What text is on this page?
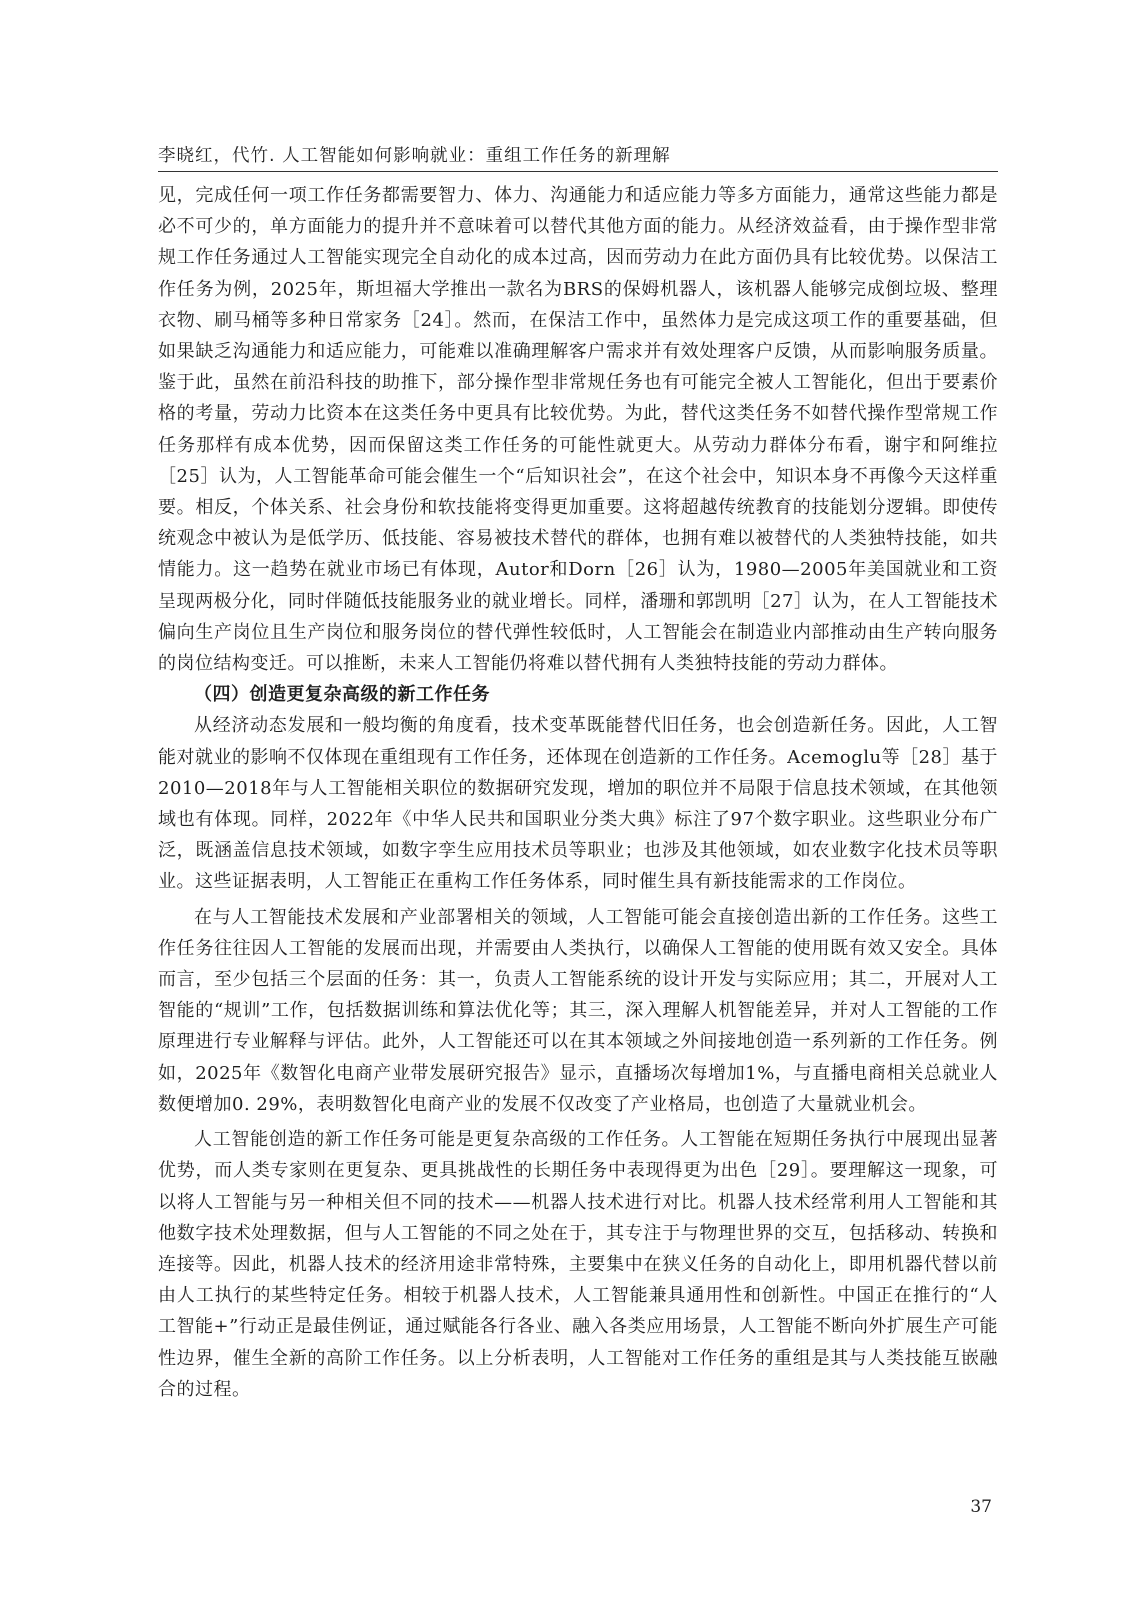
李晓红，代竹. 人工智能如何影响就业：重组工作任务的新理解

见，完成任何一项工作任务都需要智力、体力、沟通能力和适应能力等多方面能力，通常这些能力都是必不可少的，单方面能力的提升并不意味着可以替代其他方面的能力。从经济效益看，由于操作型非常规工作任务通过人工智能实现完全自动化的成本过高，因而劳动力在此方面仍具有比较优势。以保洁工作任务为例，2025年，斯坦福大学推出一款名为BRS的保姆机器人，该机器人能够完成倒垃圾、整理衣物、刷马桶等多种日常家务［24］。然而，在保洁工作中，虽然体力是完成这项工作的重要基础，但如果缺乏沟通能力和适应能力，可能难以准确理解客户需求并有效处理客户反馈，从而影响服务质量。鉴于此，虽然在前沿科技的助推下，部分操作型非常规任务也有可能完全被人工智能化，但出于要素价格的考量，劳动力比资本在这类任务中更具有比较优势。为此，替代这类任务不如替代操作型常规工作任务那样有成本优势，因而保留这类工作任务的可能性就更大。从劳动力群体分布看，谢宇和阿维拉［25］认为，人工智能革命可能会催生一个“后知识社会”，在这个社会中，知识本身不再像今天这样重要。相反，个体关系、社会身份和软技能将变得更加重要。这将超越传统教育的技能划分逻辑。即使传统观念中被认为是低学历、低技能、容易被技术替代的群体，也拥有难以被替代的人类独特技能，如共情能力。这一趋势在就业市场已有体现，Autor和Dorn［26］认为，1980—2005年美国就业和工资呈现两极分化，同时伴随低技能服务业的就业增长。同样，潘珊和郭凯明［27］认为，在人工智能技术偏向生产岗位且生产岗位和服务岗位的替代弹性较低时，人工智能会在制造业内部推动由生产转向服务的岗位结构变迁。可以推断，未来人工智能仍将难以替代拥有人类独特技能的劳动力群体。

（四）创造更复杂高级的新工作任务

从经济动态发展和一般均衡的角度看，技术变革既能替代旧任务，也会创造新任务。因此，人工智能对就业的影响不仅体现在重组现有工作任务，还体现在创造新的工作任务。Acemoglu等［28］基于2010—2018年与人工智能相关职位的数据研究发现，增加的职位并不局限于信息技术领域，在其他领域也有体现。同样，2022年《中华人民共和国职业分类大典》标注了97个数字职业。这些职业分布广泛，既涵盖信息技术领域，如数字孪生应用技术员等职业；也涉及其他领域，如农业数字化技术员等职业。这些证据表明，人工智能正在重构工作任务体系，同时催生具有新技能需求的工作岗位。

在与人工智能技术发展和产业部署相关的领域，人工智能可能会直接创造出新的工作任务。这些工作任务往往因人工智能的发展而出现，并需要由人类执行，以确保人工智能的使用既有效又安全。具体而言，至少包括三个层面的任务：其一，负责人工智能系统的设计开发与实际应用；其二，开展对人工智能的“规训”工作，包括数据训练和算法优化等；其三，深入理解人机智能差异，并对人工智能的工作原理进行专业解释与评估。此外，人工智能还可以在其本领域之外间接地创造一系列新的工作任务。例如，2025年《数智化电商产业带发展研究报告》显示，直播场次每增加1%，与直播电商相关总就业人数便增加0. 29%，表明数智化电商产业的发展不仅改变了产业格局，也创造了大量就业机会。

人工智能创造的新工作任务可能是更复杂高级的工作任务。人工智能在短期任务执行中展现出显著优势，而人类专家则在更复杂、更具挑战性的长期任务中表现得更为出色［29］。要理解这一现象，可以将人工智能与另一种相关但不同的技术——机器人技术进行对比。机器人技术经常利用人工智能和其他数字技术处理数据，但与人工智能的不同之处在于，其专注于与物理世界的交互，包括移动、转换和连接等。因此，机器人技术的经济用途非常特殊，主要集中在狭义任务的自动化上，即用机器代替以前由人工执行的某些特定任务。相较于机器人技术，人工智能兼具通用性和创新性。中国正在推行的“人工智能+”行动正是最佳例证，通过赋能各行各业、融入各类应用场景，人工智能不断向外扩展生产可能性边界，催生全新的高阶工作任务。以上分析表明，人工智能对工作任务的重组是其与人类技能互嵌融合的过程。

37
